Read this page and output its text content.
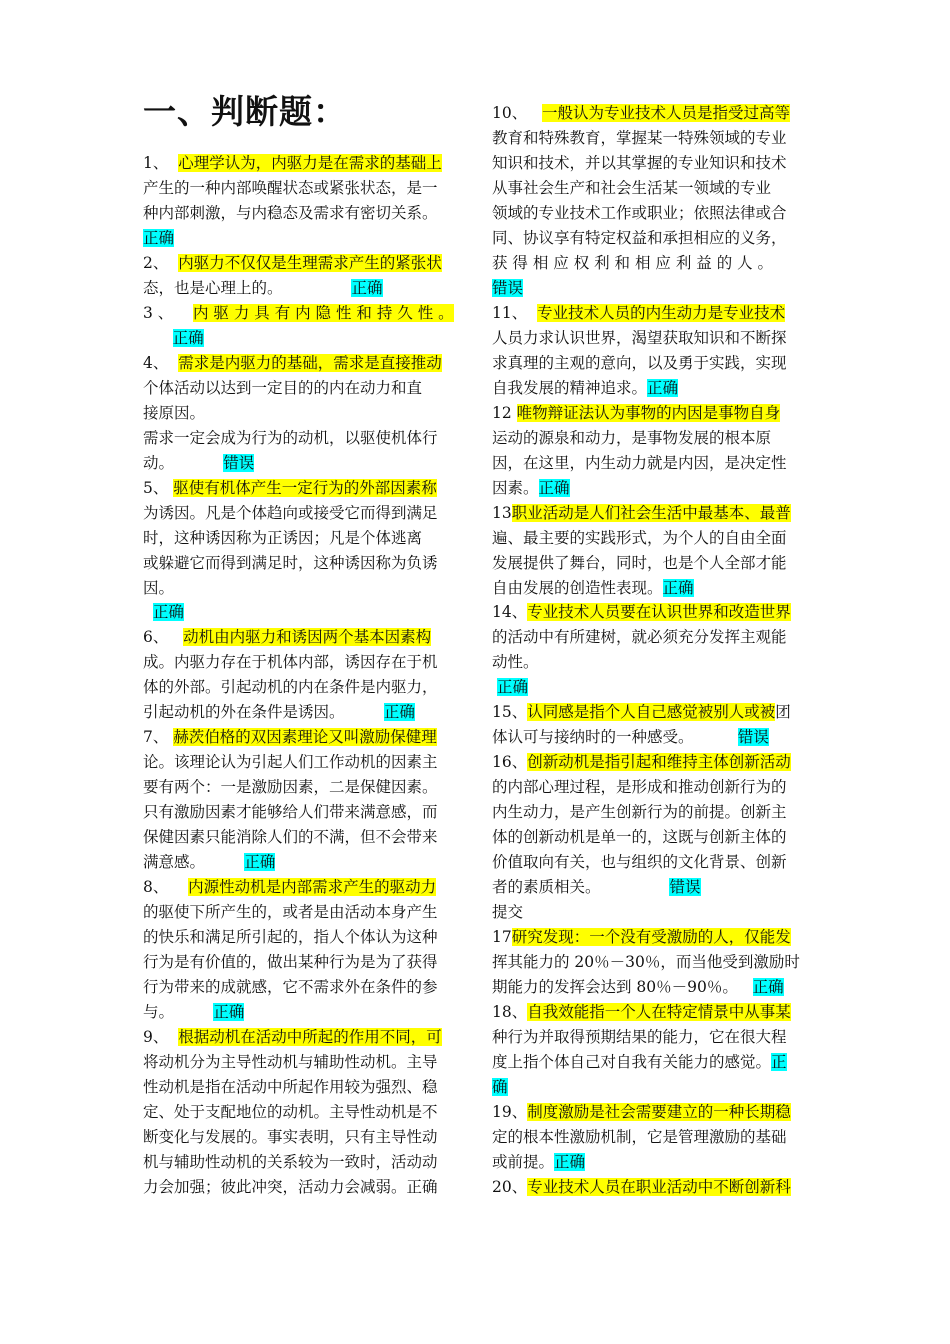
一、判断题：
1、  心理学认为，内驱力是在需求的基础上
产生的一种内部唤醒状态或紧张状态，是一
种内部刺激，与内稳态及需求有密切关系。
正确
2、  内驱力不仅仅是生理需求产生的紧张状
态，也是心理上的。              正确
3 、    内 驱 力 具 有 内 隐 性 和 持 久 性 。
正确
4、  需求是内驱力的基础，需求是直接推动
个体活动以达到一定目的的内在动力和直
接原因。
需求一定会成为行为的动机，以驱使机体行
动。          错误
5、 驱使有机体产生一定行为的外部因素称
为诱因。凡是个体趋向或接受它而得到满足
时，这种诱因称为正诱因；凡是个体逃离
或躲避它而得到满足时，这种诱因称为负诱
因。
正确
6、   动机由内驱力和诱因两个基本因素构
成。内驱力存在于机体内部，诱因存在于机
体的外部。引起动机的内在条件是内驱力，
引起动机的外在条件是诱因。        正确
7、 赫茨伯格的双因素理论又叫激励保健理
论。该理论认为引起人们工作动机的因素主
要有两个：一是激励因素，二是保健因素。
只有激励因素才能够给人们带来满意感，而
保健因素只能消除人们的不满，但不会带来
满意感。        正确
8、    内源性动机是内部需求产生的驱动力
的驱使下所产生的，或者是由活动本身产生
的快乐和满足所引起的，指人个体认为这种
行为是有价值的，做出某种行为是为了获得
行为带来的成就感，它不需求外在条件的参
与。        正确
9、  根据动机在活动中所起的作用不同，可
将动机分为主导性动机与辅助性动机。主导
性动机是指在活动中所起作用较为强烈、稳
定、处于支配地位的动机。主导性动机是不
断变化与发展的。事实表明，只有主导性动
机与辅助性动机的关系较为一致时，活动动
力会加强；彼此冲突，活动力会减弱。正确
10、   一般认为专业技术人员是指受过高等
教育和特殊教育，掌握某一特殊领域的专业
知识和技术，并以其掌握的专业知识和技术
从事社会生产和社会生活某一领域的专业
领域的专业技术工作或职业；依照法律或合
同、协议享有特定权益和承担相应的义务，
获 得 相 应 权 利 和 相 应 利 益 的 人 。
错误
11、  专业技术人员的内生动力是专业技术
人员力求认识世界，渴望获取知识和不断探
求真理的主观的意向，以及勇于实践，实现
自我发展的精神追求。正确
12 唯物辩证法认为事物的内因是事物自身
运动的源泉和动力，是事物发展的根本原
因，在这里，内生动力就是内因，是决定性
因素。正确
13职业活动是人们社会生活中最基本、最普
遍、最主要的实践形式，为个人的自由全面
发展提供了舞台，同时，也是个人全部才能
自由发展的创造性表现。正确
14、专业技术人员要在认识世界和改造世界
的活动中有所建树，就必须充分发挥主观能
动性。
正确
15、认同感是指个人自己感觉被别人或被团
体认可与接纳时的一种感受。         错误
16、创新动机是指引起和维持主体创新活动
的内部心理过程，是形成和推动创新行为的
内生动力，是产生创新行为的前提。创新主
体的创新动机是单一的，这既与创新主体的
价值取向有关，也与组织的文化背景、创新
者的素质相关。              错误
提交
17研究发现：一个没有受激励的人，仅能发
挥其能力的 20％－30％，而当他受到激励时
期能力的发挥会达到 80％－90％。   正确
18、自我效能指一个人在特定情景中从事某
种行为并取得预期结果的能力，它在很大程
度上指个体自己对自我有关能力的感觉。正
确
19、制度激励是社会需要建立的一种长期稳
定的根本性激励机制，它是管理激励的基础
或前提。正确
20、专业技术人员在职业活动中不断创新科
